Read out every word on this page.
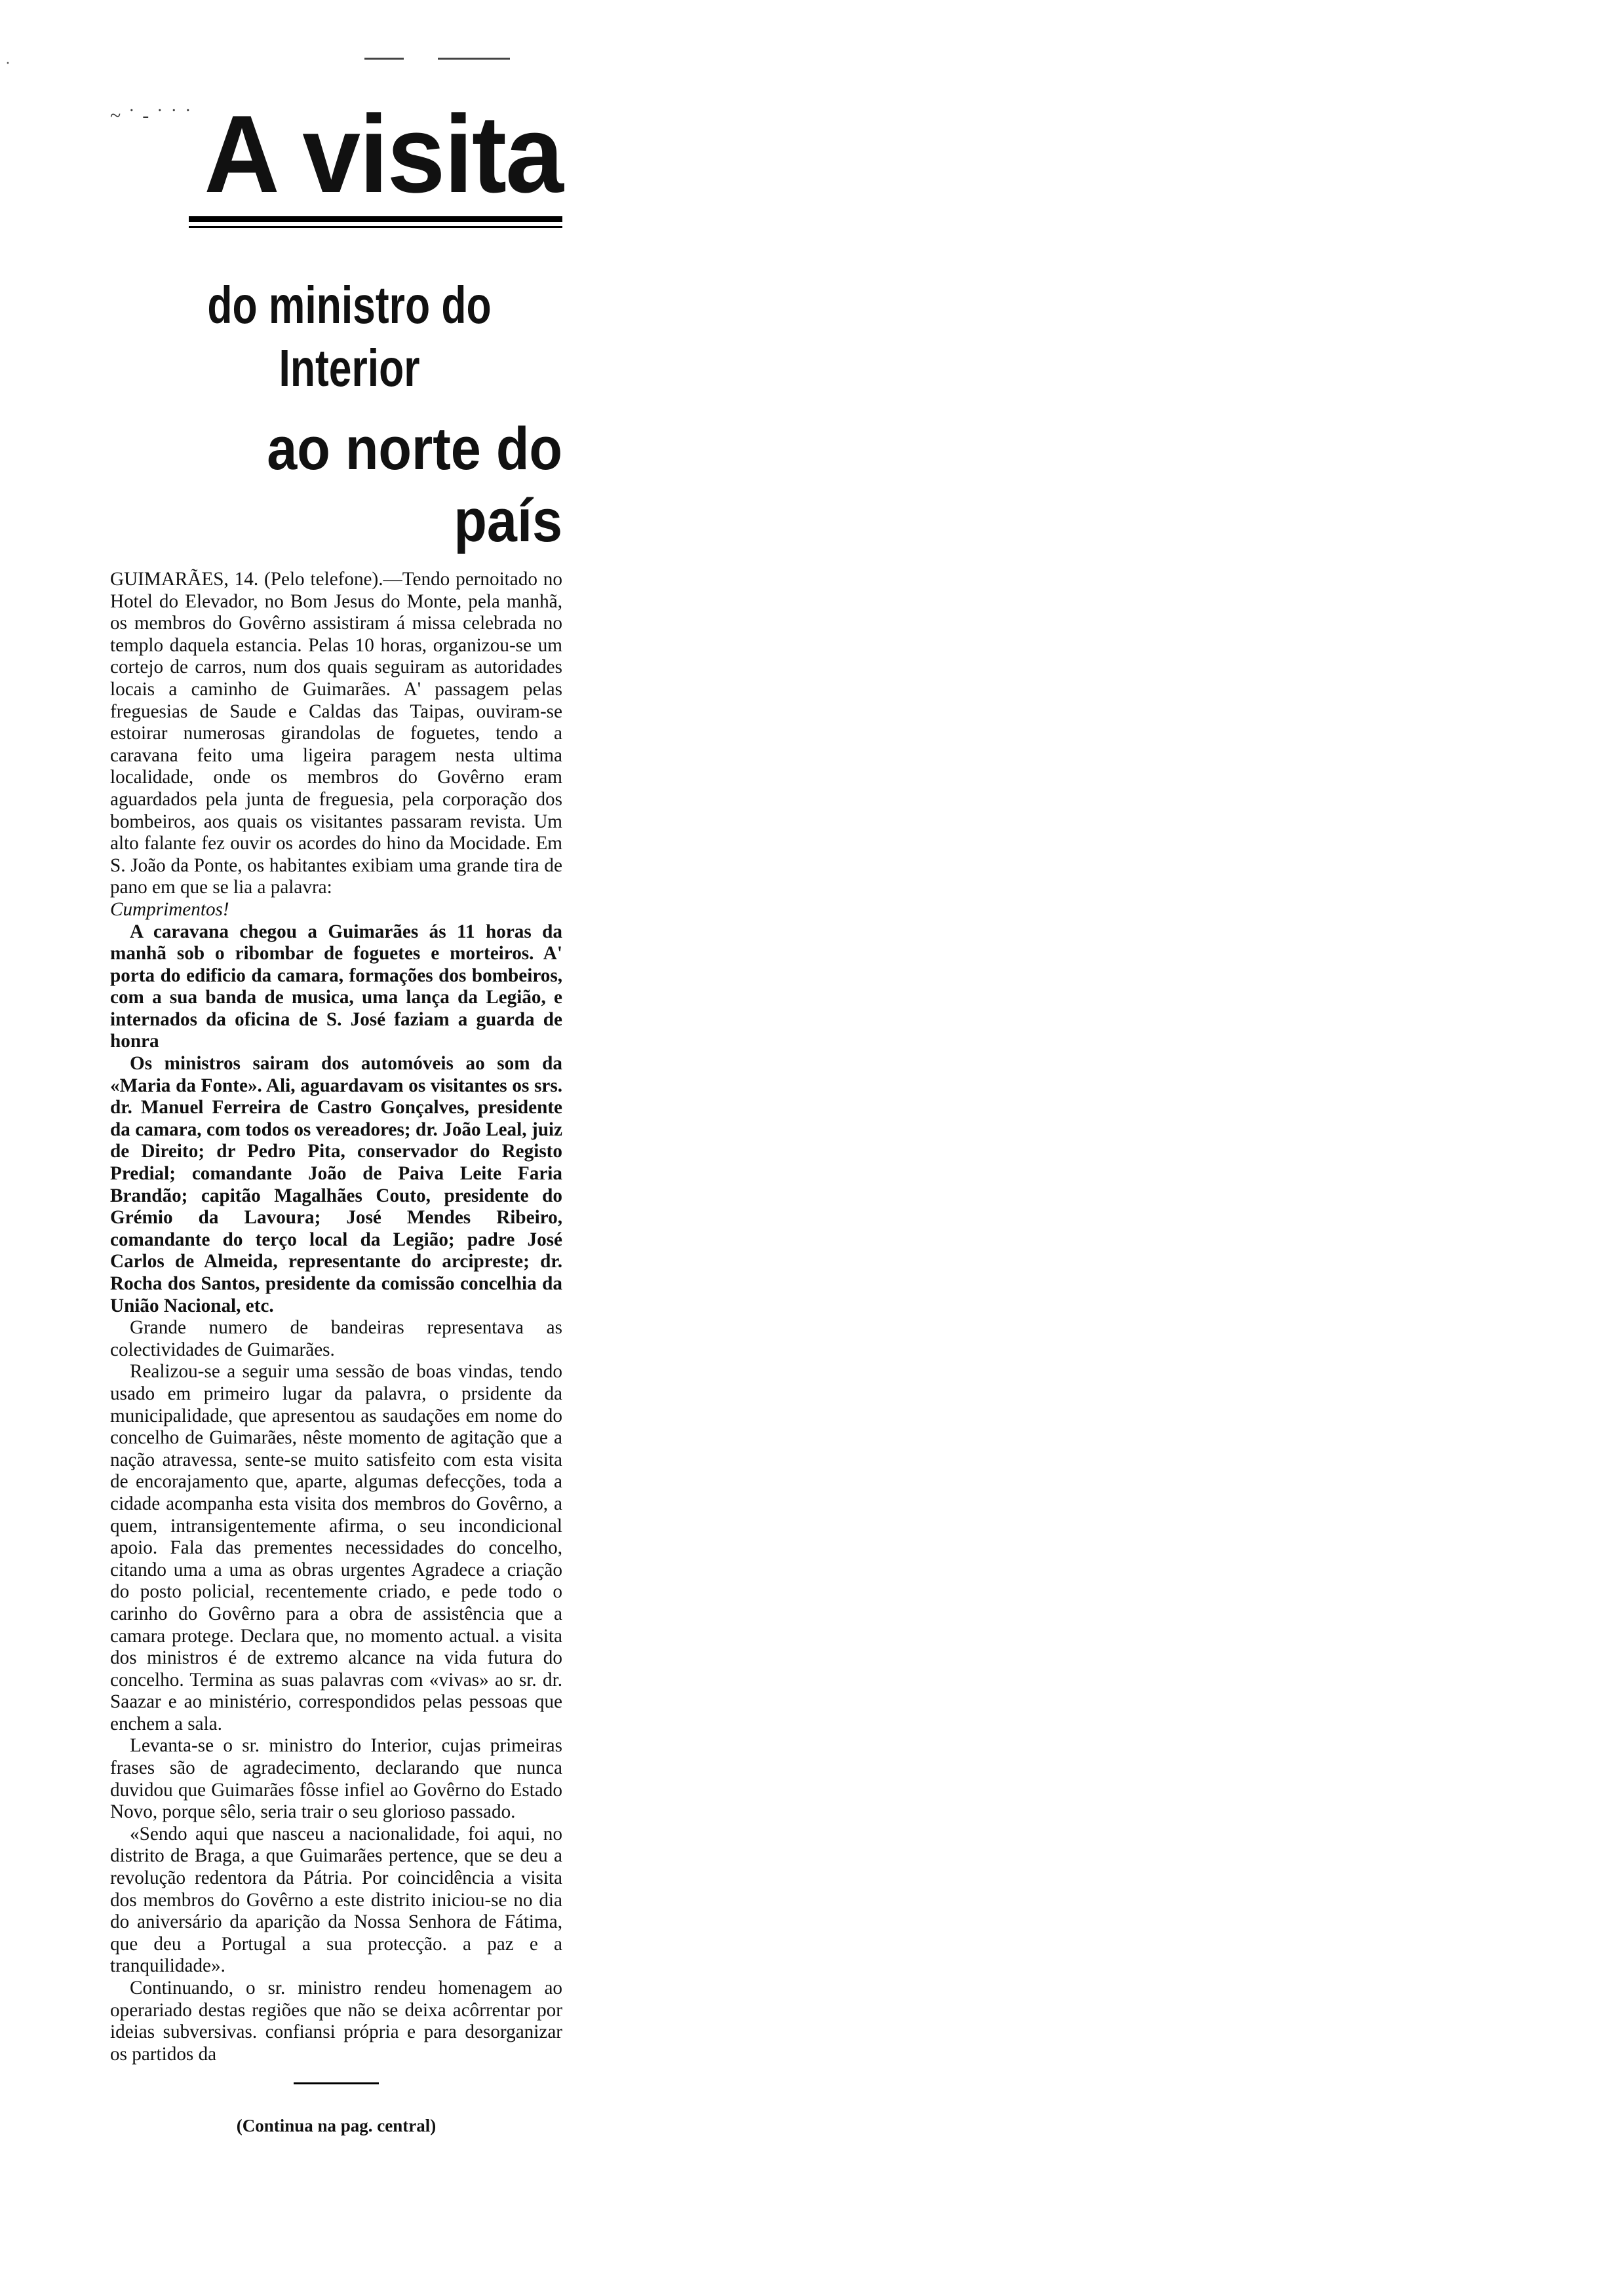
·
~ ˙ - ˙ ˙ ˙ A visita
do ministro do Interior
ao norte do país

GUIMARÃES, 14. (Pelo telefone).—Tendo pernoitado no Hotel do Elevador, no Bom Jesus do Monte, pela manhã, os membros do Govêrno assistiram á missa celebrada no templo daquela estancia. Pelas 10 horas, organizou-se um cortejo de carros, num dos quais seguiram as autoridades locais a caminho de Guimarães. A' passagem pelas freguesias de Saude e Caldas das Taipas, ouviram-se estoirar numerosas girandolas de foguetes, tendo a caravana feito uma ligeira paragem nesta ultima localidade, onde os membros do Govêrno eram aguardados pela junta de freguesia, pela corporação dos bombeiros, aos quais os visitantes passaram revista. Um alto falante fez ouvir os acordes do hino da Mocidade. Em S. João da Ponte, os habitantes exibiam uma grande tira de pano em que se lia a palavra:

Cumprimentos!

A caravana chegou a Guimarães ás 11 horas da manhã sob o ribombar de foguetes e morteiros. A' porta do edificio da camara, formações dos bombeiros, com a sua banda de musica, uma lança da Legião, e internados da oficina de S. José faziam a guarda de honra

Os ministros sairam dos automóveis ao som da «Maria da Fonte». Ali, aguardavam os visitantes os srs. dr. Manuel Ferreira de Castro Gonçalves, presidente da camara, com todos os vereadores; dr. João Leal, juiz de Direito; dr Pedro Pita, conservador do Registo Predial; comandante João de Paiva Leite Faria Brandão; capitão Magalhães Couto, presidente do Grémio da Lavoura; José Mendes Ribeiro, comandante do terço local da Legião; padre José Carlos de Almeida, representante do arcipreste; dr. Rocha dos Santos, presidente da comissão concelhia da União Nacional, etc.

Grande numero de bandeiras representava as colectividades de Guimarães.

Realizou-se a seguir uma sessão de boas vindas, tendo usado em primeiro lugar da palavra, o prsidente da municipalidade, que apresentou as saudações em nome do concelho de Guimarães, nêste momento de agitação que a nação atravessa, sente-se muito satisfeito com esta visita de encorajamento que, aparte, algumas defecções, toda a cidade acompanha esta visita dos membros do Govêrno, a quem, intransigentemente afirma, o seu incondicional apoio. Fala das prementes necessidades do concelho, citando uma a uma as obras urgentes Agradece a criação do posto policial, recentemente criado, e pede todo o carinho do Govêrno para a obra de assistência que a camara protege. Declara que, no momento actual. a visita dos ministros é de extremo alcance na vida futura do concelho. Termina as suas palavras com «vivas» ao sr. dr. Saazar e ao ministério, correspondidos pelas pessoas que enchem a sala.

Levanta-se o sr. ministro do Interior, cujas primeiras frases são de agradecimento, declarando que nunca duvidou que Guimarães fôsse infiel ao Govêrno do Estado Novo, porque sêlo, seria trair o seu glorioso passado.

«Sendo aqui que nasceu a nacionalidade, foi aqui, no distrito de Braga, a que Guimarães pertence, que se deu a revolução redentora da Pátria. Por coincidência a visita dos membros do Govêrno a este distrito iniciou-se no dia do aniversário da aparição da Nossa Senhora de Fátima, que deu a Portugal a sua protecção. a paz e a tranquilidade».

Continuando, o sr. ministro rendeu homenagem ao operariado destas regiões que não se deixa acôrrentar por ideias subversivas. confiansi própria e para desorganizar os partidos da

(Continua na pag. central)
